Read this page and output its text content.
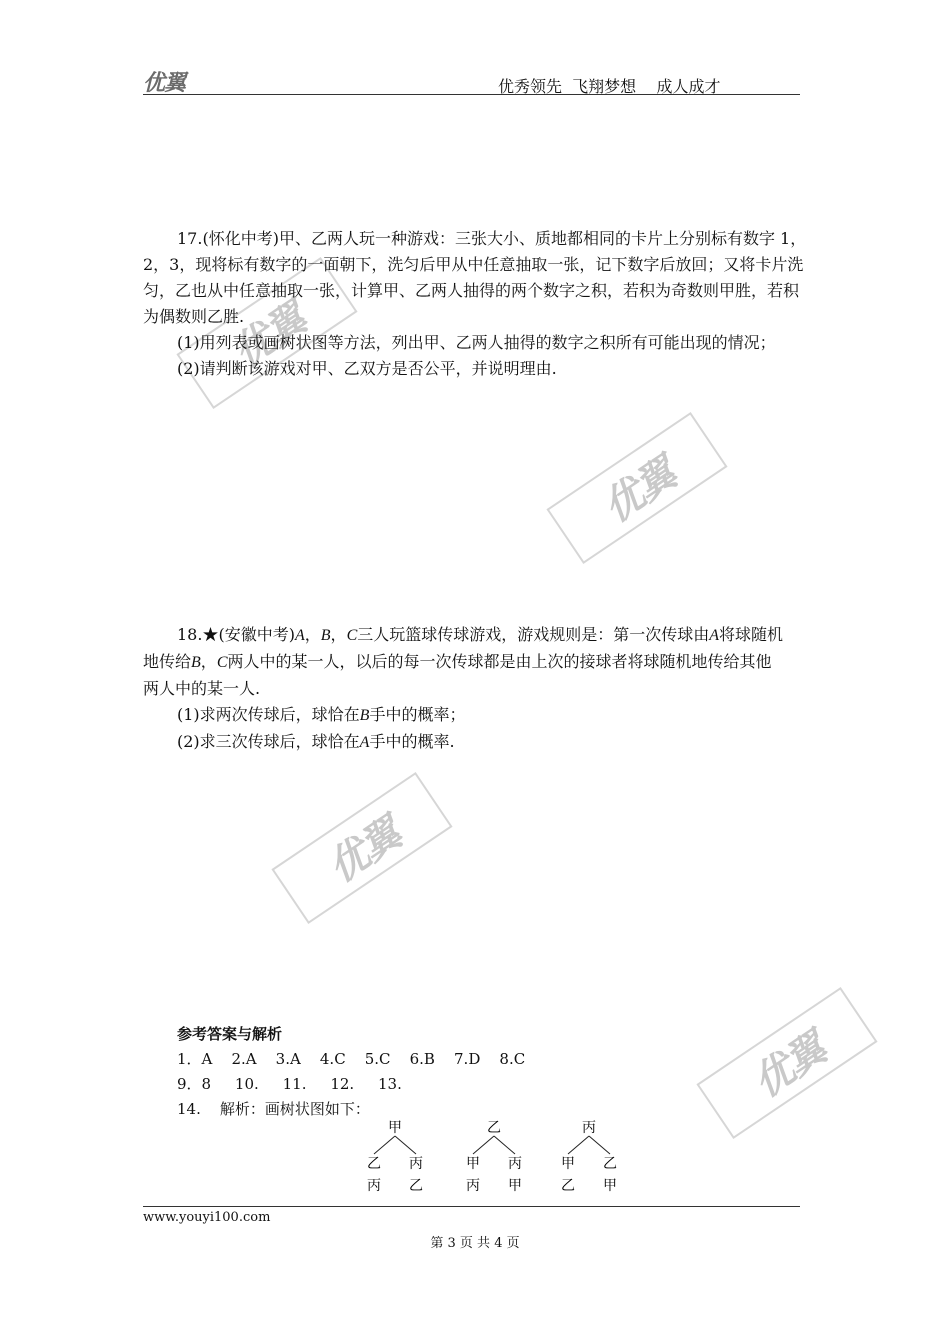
优翼	优秀领先  飞翔梦想    成人成才
优翼
优翼
优翼
优翼

17.(怀化中考)甲、乙两人玩一种游戏：三张大小、质地都相同的卡片上分别标有数字 1，

2，3，现将标有数字的一面朝下，洗匀后甲从中任意抽取一张，记下数字后放回；又将卡片洗

匀，乙也从中任意抽取一张，计算甲、乙两人抽得的两个数字之积，若积为奇数则甲胜，若积

为偶数则乙胜.

(1)用列表或画树状图等方法，列出甲、乙两人抽得的数字之积所有可能出现的情况；

(2)请判断该游戏对甲、乙双方是否公平，并说明理由.

18.★(安徽中考)A，B，C三人玩篮球传球游戏，游戏规则是：第一次传球由A将球随机

地传给B，C两人中的某一人，以后的每一次传球都是由上次的接球者将球随机地传给其他

两人中的某一人.

(1)求两次传球后，球恰在B手中的概率；

(2)求三次传球后，球恰在A手中的概率.

参考答案与解析
1．A    2.A    3.A    4.C    5.C    6.B    7.D    8.C
9．8     10.     11.     12.     13.
14.    解析：画树状图如下：
甲
乙 丙
丙 乙
乙
甲 丙
丙 甲
丙
甲 乙
乙 甲
www.youyi100.com
第 3 页 共 4 页
